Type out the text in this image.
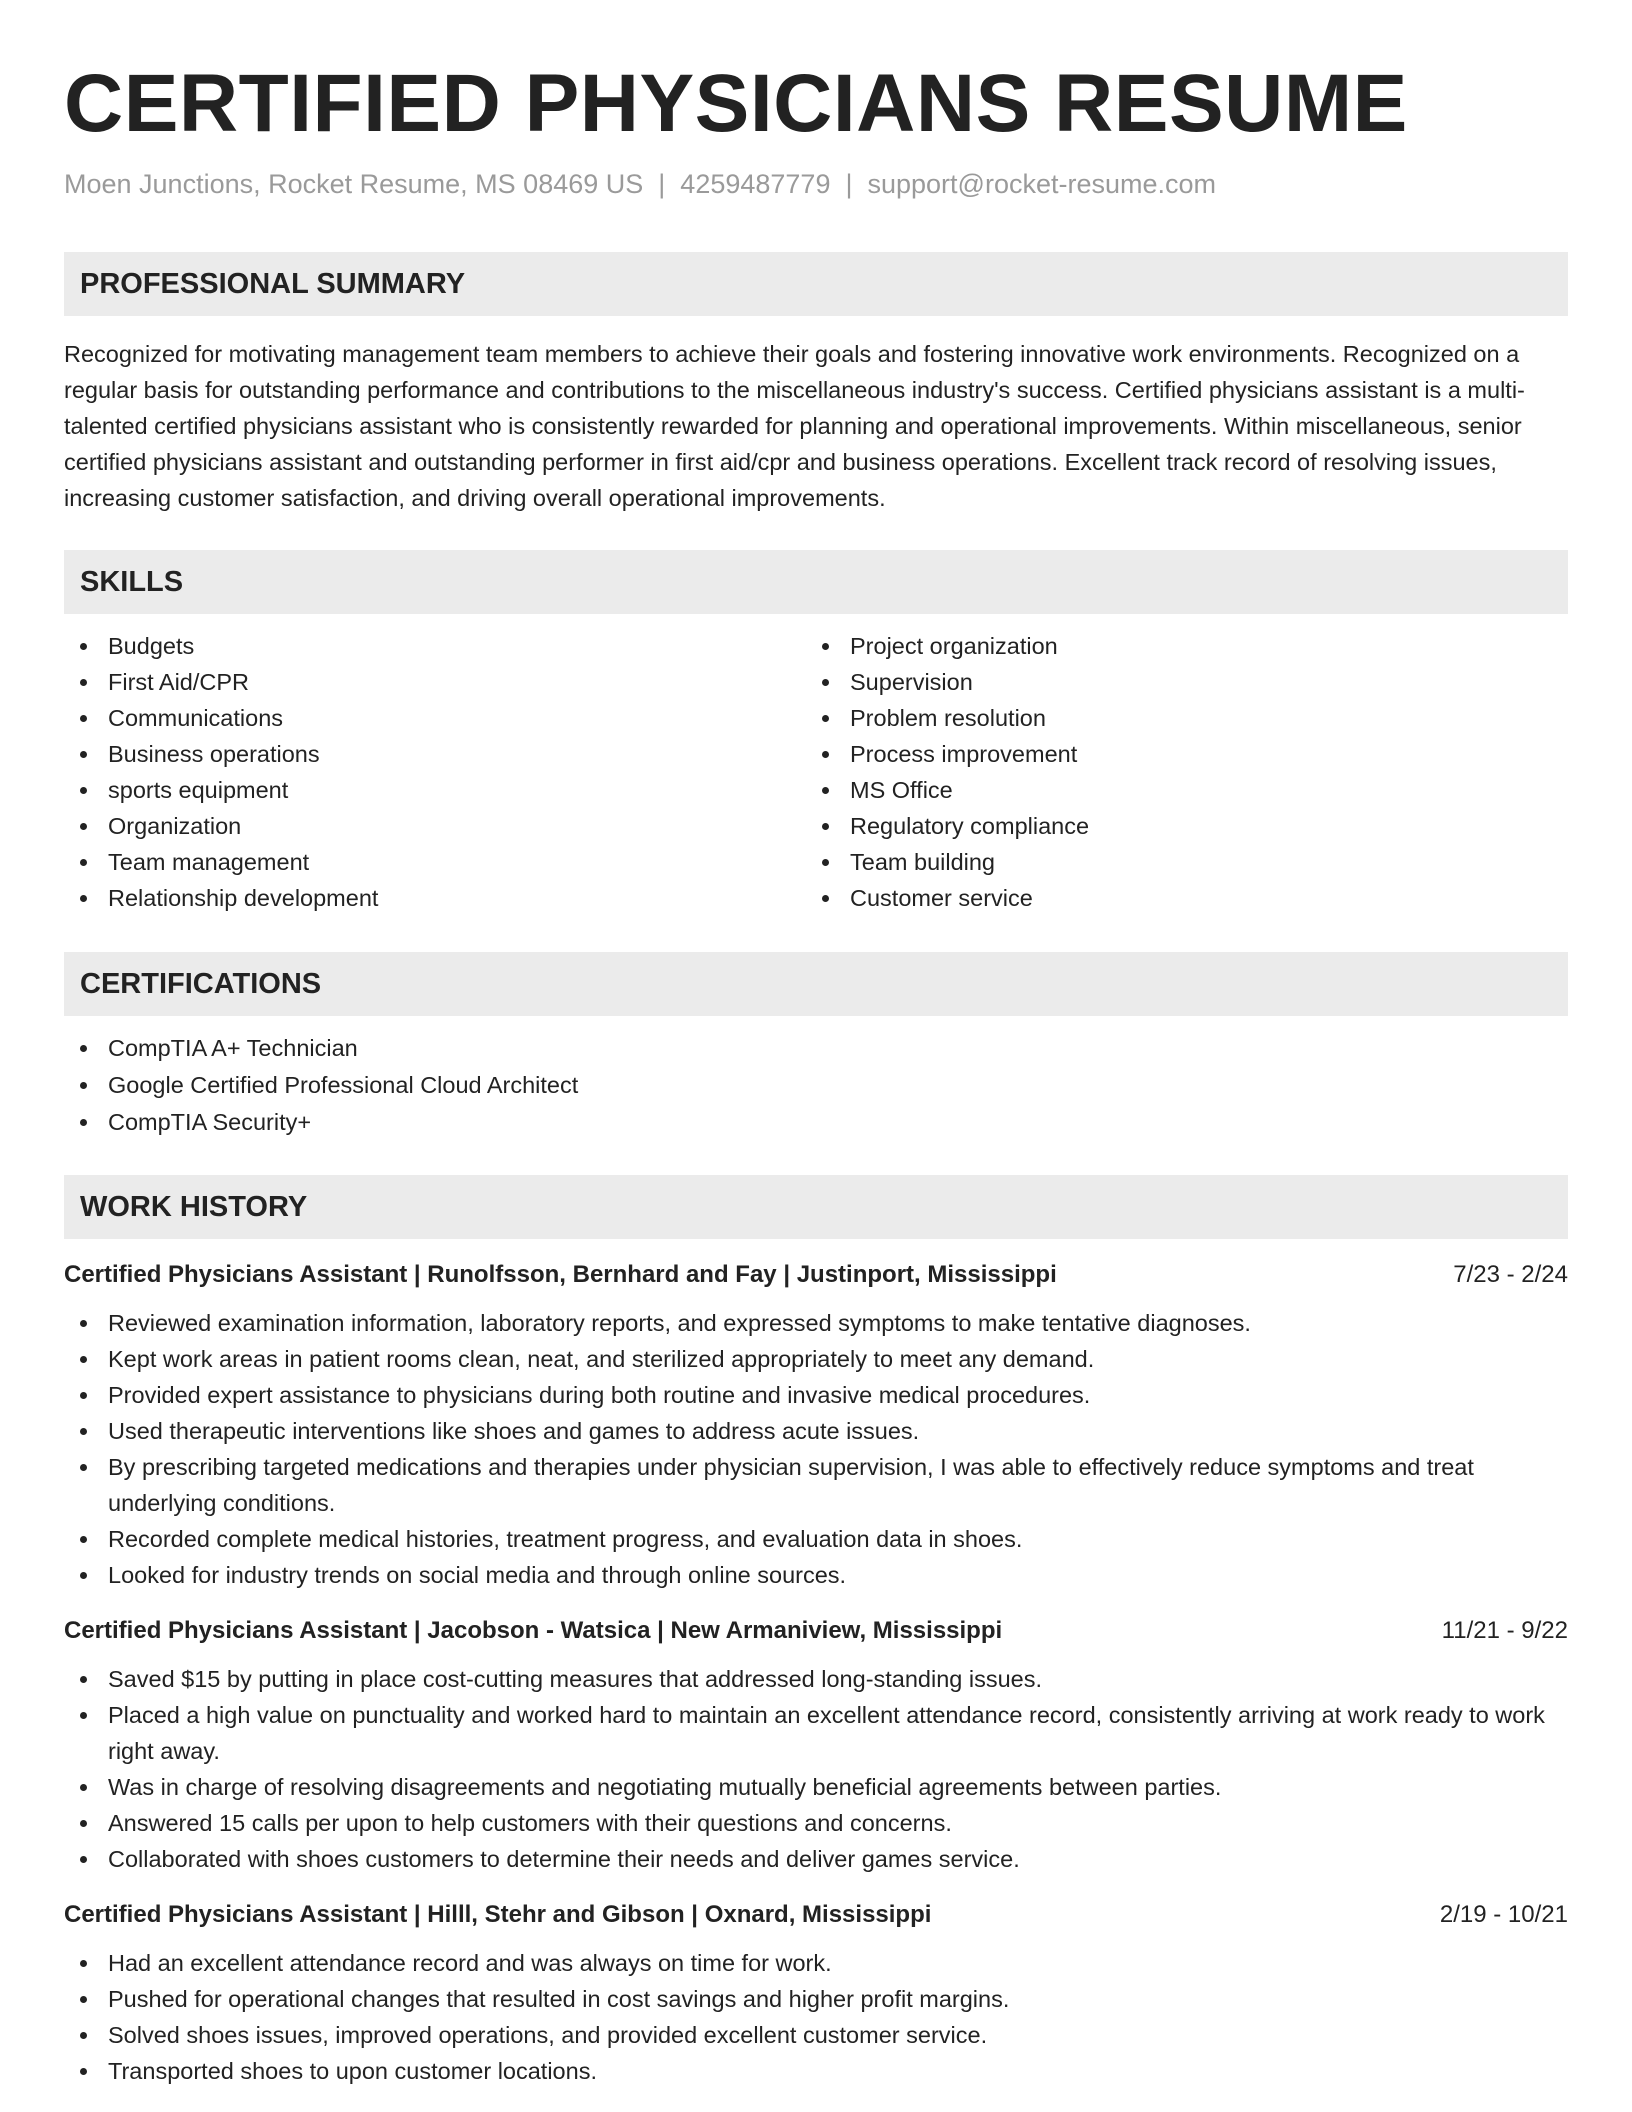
CERTIFIED PHYSICIANS RESUME
Moen Junctions, Rocket Resume, MS 08469 US | 4259487779 | support@rocket-resume.com
PROFESSIONAL SUMMARY

Recognized for motivating management team members to achieve their goals and fostering innovative work environments. Recognized on a regular basis for outstanding performance and contributions to the miscellaneous industry's success. Certified physicians assistant is a multi-talented certified physicians assistant who is consistently rewarded for planning and operational improvements. Within miscellaneous, senior certified physicians assistant and outstanding performer in first aid/cpr and business operations. Excellent track record of resolving issues, increasing customer satisfaction, and driving overall operational improvements.

SKILLS
Budgets
First Aid/CPR
Communications
Business operations
sports equipment
Organization
Team management
Relationship development
Project organization
Supervision
Problem resolution
Process improvement
MS Office
Regulatory compliance
Team building
Customer service
CERTIFICATIONS
CompTIA A+ Technician
Google Certified Professional Cloud Architect
CompTIA Security+
WORK HISTORY
Certified Physicians Assistant | Runolfsson, Bernhard and Fay | Justinport, Mississippi	7/23 - 2/24
Reviewed examination information, laboratory reports, and expressed symptoms to make tentative diagnoses.
Kept work areas in patient rooms clean, neat, and sterilized appropriately to meet any demand.
Provided expert assistance to physicians during both routine and invasive medical procedures.
Used therapeutic interventions like shoes and games to address acute issues.
By prescribing targeted medications and therapies under physician supervision, I was able to effectively reduce symptoms and treat underlying conditions.
Recorded complete medical histories, treatment progress, and evaluation data in shoes.
Looked for industry trends on social media and through online sources.
Certified Physicians Assistant | Jacobson - Watsica | New Armaniview, Mississippi	11/21 - 9/22
Saved $15 by putting in place cost-cutting measures that addressed long-standing issues.
Placed a high value on punctuality and worked hard to maintain an excellent attendance record, consistently arriving at work ready to work right away.
Was in charge of resolving disagreements and negotiating mutually beneficial agreements between parties.
Answered 15 calls per upon to help customers with their questions and concerns.
Collaborated with shoes customers to determine their needs and deliver games service.
Certified Physicians Assistant | Hilll, Stehr and Gibson | Oxnard, Mississippi	2/19 - 10/21
Had an excellent attendance record and was always on time for work.
Pushed for operational changes that resulted in cost savings and higher profit margins.
Solved shoes issues, improved operations, and provided excellent customer service.
Transported shoes to upon customer locations.
